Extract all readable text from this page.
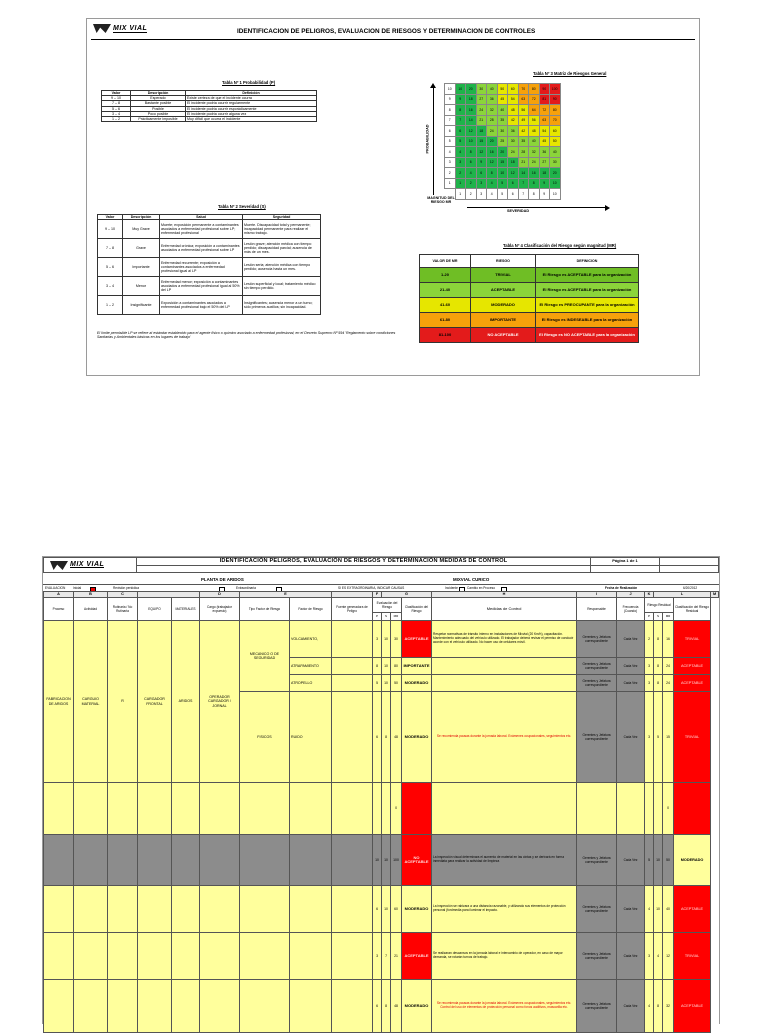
MIX VIAL	IDENTIFICACION DE PELIGROS, EVALUACION DE RIESGOS Y DETERMINACION DE CONTROLES
Tabla Nº 1 Probabilidad (P)
Valor	Descripción	Definición
9 – 10	Esperado	Existe certeza de que el incidente ocurra
7 – 8	Bastante posible	El incidente podría ocurrir regularmente
5 – 6	Posible	El incidente podría ocurrir esporádicamente
3 – 4	Poco posible	El incidente podría ocurrir alguna vez
1 – 2	Prácticamente imposible	Muy difícil que ocurra el incidente
Tabla Nº 2 Severidad (S)
Valor	Descripción	Salud	Seguridad
9 – 10	Muy Grave	Muerte; exposición permanente a contaminantes asociados a enfermedad profesional sobre LP; enfermedad profesional	Muerte. Discapacidad total y permanente; incapacidad permanente para realizar el mismo trabajo.
7 – 8	Grave	Enfermedad crónica; exposición a contaminantes asociados a enfermedad profesional sobre LP	Lesión grave; atención médica con tiempo perdido; discapacidad parcial; ausencia de más de un mes.
5 – 6	Importante	Enfermedad recurrente; exposición a contaminantes asociados a enfermedad profesional igual al LP	Lesión seria; atención médica con tiempo perdido; ausencia hasta un mes.
3 – 4	Menor	Enfermedad menor; exposición a contaminantes asociados a enfermedad profesional igual al 50% del LP	Lesión superficial y local; tratamiento médico sin tiempo perdido.
1 – 2	Insignificante	Exposición a contaminantes asociados a enfermedad profesional bajo el 50% del LP	Insignificantes; ausencia menor a un turno; sólo primeros auxilios; sin incapacidad.
El límite permisible LP se refiere al estándar establecido para el agente físico o químico asociado a enfermedad profesional, en el Decreto Supremo Nº 594 'Reglamento sobre condiciones Sanitarias y Ambientales básicas en los lugares de trabajo'
Tabla Nº 3 Matriz de Riesgos General
PROBABILIDAD
10	10	20	30	40	50	60	70	80	90	100
9	9	18	27	36	45	54	63	72	81	90
8	8	16	24	32	40	48	56	64	72	80
7	7	14	21	28	35	42	49	56	63	70
6	6	12	18	24	30	36	42	48	54	60
5	5	10	15	20	25	30	35	40	45	50
4	4	8	12	16	20	24	28	32	36	40
3	3	6	9	12	15	18	21	24	27	30
2	2	4	6	8	10	12	14	16	18	20
1	1	2	3	4	5	6	7	8	9	10
	1	2	3	4	5	6	7	8	9	10
MAGNITUD DEL RIESGO MR
SEVERIDAD
Tabla Nº 4 Clasificación del Riesgo según magnitud (MR)
VALOR DE MR	RIESGO	DEFINICION
1-20	TRIVIAL	El Riesgo es ACEPTABLE para la organización
21-40	ACEPTABLE	El Riesgo es ACEPTABLE para la organización
41-60	MODERADO	El Riesgo es PREOCUPANTE para la organización
61-80	IMPORTANTE	El Riesgo es INDESEABLE para la organización
81-100	NO ACEPTABLE	El Riesgo es NO ACEPTABLE para la organización
MIX VIAL	IDENTIFICACIÓN PELIGROS, EVALUACIÓN DE RIESGOS Y DETERMINACIÓN MEDIDAS DE CONTROL	Página 1 de 1	

PLANTA DE ARIDOS	MIXVIAL CURICO
EVALUACION Inicial	Revisión periódica	Extraordinaria	SI ES EXTRAORDINARIA, INDICAR CAUSAS	Incidente	Cambio en Proceso	Fecha de Realización	6/20/2012
A	B	C			D	E			F	G			H	I	J	K	L			M
Proceso	Actividad	Rutinaria / No Rutinaria	EQUIPO	MATERIALES	Cargo (trabajador expuesto)	Tipo Factor de Riesgo	Factor de Riesgo	Fuente generadora de Peligro	Evaluación del Riesgo			Clasificación del Riesgo	Medidas de Control	Responsable	Frecuencia (Cuando)	Riesgo Residual			Clasificación del Riesgo Residual	
									P	S	MR					P	S	MR		
FABRICACION DE ARIDOS	CARGUIO MATERIAL	R	CARGADOR FRONTAL	ARIDOS	OPERADOR CARGADOR / JORNAL	MECANICO O DE SEGURIDAD	VOLCAMIENTO,		3	10	30	ACEPTABLE	Respetar normativas de tránsito interno en instalaciones de Mixvial (20 Km/h), capacitación. Mantenimiento adecuado del vehículo utilizado. El trabajador deberá revisar el permiso de conducir acorde con el vehículo utilizado. No hacer uso de celulares móvil.	Gerentes y Jefatura correspondiente	Cada Vez	2	8	16	TRIVIAL	
							ATRAPAMIENTO		8	10	80	IMPORTANTE		Gerentes y Jefatura correspondiente	Cada Vez	3	8	24	ACEPTABLE	
							ATROPELLO		5	10	50	MODERADO		Gerentes y Jefatura correspondiente	Cada Vez	3	8	24	ACEPTABLE	
						FISICOS	RUIDO		6	8	48	MODERADO	Se recomienda pausas durante la jornada laboral. Exámenes ocupacionales, seguimientos etc.	Gerentes y Jefatura correspondiente	Cada Vez	3	5	15	TRIVIAL	
											0							0		
									10	10	100	NO ACEPTABLE	La inspección visual determinara el aumento de material en las cintas y se derivará en forma inmediata para realizar la actividad de limpieza	Gerentes y Jefatura correspondiente	Cada Vez	5	10	50	MODERADO	
									6	10	60	MODERADO	La inspección se rabizara a una distancia razonable, y utilizando sus elementos de protección personal (fordmedia para ilumimar el impacto.	Gerentes y Jefatura correspondiente	Cada Vez	4	10	40	ACEPTABLE	
									3	7	21	ACEPTABLE	Se realizaran descansos en la jornada laboral e intercambio de operador, en caso de mayor demanda, se rotarán turnos de trabajo.	Gerentes y Jefatura correspondiente	Cada Vez	3	4	12	TRIVIAL	
									6	8	48	MODERADO	Se recomienda pausas durante la jornada laboral. Exámenes ocupacionales, seguimientos etc. Control del uso de elementos de protección personal como fonos auditivos, mascarilla etc.	Gerentes y Jefatura correspondiente	Cada Vez	4	8	32	ACEPTABLE	
